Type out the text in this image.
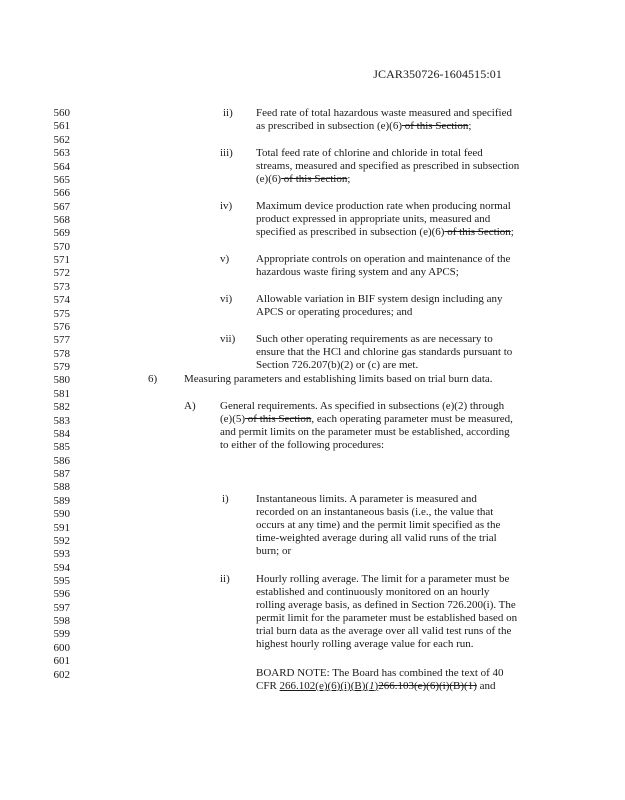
JCAR350726-1604515:01
560
561
562
563
564
565
566
567
568
569
570
571
572
573
574
575
576
577
578
579
580
581
582
583
584
585
586
587
588
589
590
591
592
593
594
595
596
597
598
599
600
601
602
ii) Feed rate of total hazardous waste measured and specified
as prescribed in subsection (e)(6) of this Section;
iii) Total feed rate of chlorine and chloride in total feed
streams, measured and specified as prescribed in subsection
(e)(6) of this Section;
iv) Maximum device production rate when producing normal
product expressed in appropriate units, measured and
specified as prescribed in subsection (e)(6) of this Section;
v) Appropriate controls on operation and maintenance of the
hazardous waste firing system and any APCS;
vi) Allowable variation in BIF system design including any
APCS or operating procedures; and
vii) Such other operating requirements as are necessary to
ensure that the HCl and chlorine gas standards pursuant to
Section 726.207(b)(2) or (c) are met.
6) Measuring parameters and establishing limits based on trial burn data.
A) General requirements. As specified in subsections (e)(2) through
(e)(5) of this Section, each operating parameter must be measured,
and permit limits on the parameter must be established, according
to either of the following procedures:
i) Instantaneous limits. A parameter is measured and
recorded on an instantaneous basis (i.e., the value that
occurs at any time) and the permit limit specified as the
time-weighted average during all valid runs of the trial
burn; or
ii) Hourly rolling average. The limit for a parameter must be
established and continuously monitored on an hourly
rolling average basis, as defined in Section 726.200(i). The
permit limit for the parameter must be established based on
trial burn data as the average over all valid test runs of the
highest hourly rolling average value for each run.
BOARD NOTE: The Board has combined the text of 40
CFR 266.102(e)(6)(i)(B)(1)266.103(e)(6)(i)(B)(1) and
